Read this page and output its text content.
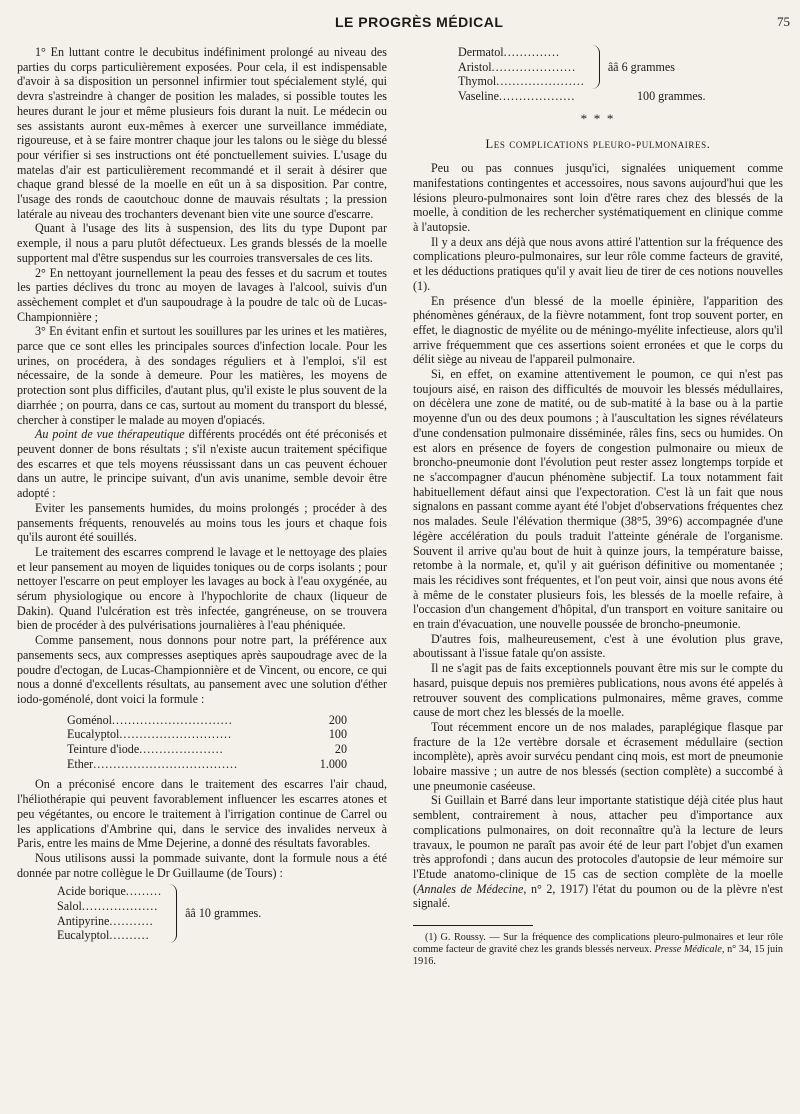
LE PROGRÈS MÉDICAL	75

1° En luttant contre le decubitus indéfiniment prolongé au niveau des parties du corps particulièrement exposées. Pour cela, il est indispensable d'avoir à sa disposition un personnel infirmier tout spécialement stylé, qui devra s'astreindre à changer de position les malades, si possible toutes les heures durant le jour et même plusieurs fois durant la nuit. Le médecin ou ses assistants auront eux-mêmes à exercer une surveillance immédiate, rigoureuse, et à se faire montrer chaque jour les talons ou le siège du blessé pour vérifier si ses instructions ont été ponctuellement suivies. L'usage du matelas d'air est particulièrement recommandé et il serait à désirer que chaque grand blessé de la moelle en eût un à sa disposition. Par contre, l'usage des ronds de caoutchouc donne de mauvais résultats ; la pression latérale au niveau des trochanters devenant bien vite une source d'escarre.

Quant à l'usage des lits à suspension, des lits du type Dupont par exemple, il nous a paru plutôt défectueux. Les grands blessés de la moelle supportent mal d'être suspendus sur les courroies transversales de ces lits.

2° En nettoyant journellement la peau des fesses et du sacrum et toutes les parties déclives du tronc au moyen de lavages à l'alcool, suivis d'un assèchement complet et d'un saupoudrage à la poudre de talc où de Lucas-Championnière ;

3° En évitant enfin et surtout les souillures par les urines et les matières, parce que ce sont elles les principales sources d'infection locale. Pour les urines, on procédera, à des sondages réguliers et à l'emploi, s'il est nécessaire, de la sonde à demeure. Pour les matières, les moyens de protection sont plus difficiles, d'autant plus, qu'il existe le plus souvent de la diarrhée ; on pourra, dans ce cas, surtout au moment du transport du blessé, chercher à constiper le malade au moyen d'opiacés.

Au point de vue thérapeutique différents procédés ont été préconisés et peuvent donner de bons résultats ; s'il n'existe aucun traitement spécifique des escarres et que tels moyens réussissant dans un cas peuvent échouer dans un autre, le principe suivant, d'un avis unanime, semble devoir être adopté :

Eviter les pansements humides, du moins prolongés ; procéder à des pansements fréquents, renouvelés au moins tous les jours et chaque fois qu'ils auront été souillés.

Le traitement des escarres comprend le lavage et le nettoyage des plaies et leur pansement au moyen de liquides toniques ou de corps isolants ; pour nettoyer l'escarre on peut employer les lavages au bock à l'eau oxygénée, au sérum physiologique ou encore à l'hypochlorite de chaux (liqueur de Dakin). Quand l'ulcération est très infectée, gangréneuse, on se trouvera bien de procéder à des pulvérisations journalières à l'eau phéniquée.

Comme pansement, nous donnons pour notre part, la préférence aux pansements secs, aux compresses aseptiques après saupoudrage avec de la poudre d'ectogan, de Lucas-Championnière et de Vincent, ou encore, ce qui nous a donné d'excellents résultats, au pansement avec une solution d'éther iodo-goménolé, dont voici la formule :

Goménol..............................	200
Eucalyptol............................	100
Teinture d'iode.....................	20
Ether....................................	1.000

On a préconisé encore dans le traitement des escarres l'air chaud, l'héliothérapie qui peuvent favorablement influencer les escarres atones et peu végétantes, ou encore le traitement à l'irrigation continue de Carrel ou les applications d'Ambrine qui, dans le service des invalides nerveux à Paris, entre les mains de Mme Dejerine, a donné des résultats favorables.

Nous utilisons aussi la pommade suivante, dont la formule nous a été donnée par notre collègue le Dr Guillaume (de Tours) :

Acide borique.........
Salol...................
Antipyrine...........
Eucalyptol..........
ââ 10 grammes.
Dermatol..............
Aristol.....................
Thymol......................
ââ 6 grammes
Vaseline...................	100 grammes.
* * *
Les complications pleuro-pulmonaires.

Peu ou pas connues jusqu'ici, signalées uniquement comme manifestations contingentes et accessoires, nous savons aujourd'hui que les lésions pleuro-pulmonaires sont loin d'être rares chez des blessés de la moelle, à condition de les rechercher systématiquement en clinique comme à l'autopsie.

Il y a deux ans déjà que nous avons attiré l'attention sur la fréquence des complications pleuro-pulmonaires, sur leur rôle comme facteurs de gravité, et les déductions pratiques qu'il y avait lieu de tirer de ces notions nouvelles (1).

En présence d'un blessé de la moelle épinière, l'apparition des phénomènes généraux, de la fièvre notamment, font trop souvent porter, en effet, le diagnostic de myélite ou de méningo-myélite infectieuse, alors qu'il arrive fréquemment que ces assertions soient erronées et que le corps du délit siège au niveau de l'appareil pulmonaire.

Si, en effet, on examine attentivement le poumon, ce qui n'est pas toujours aisé, en raison des difficultés de mouvoir les blessés médullaires, on décèlera une zone de matité, ou de sub-matité à la base ou à la partie moyenne d'un ou des deux poumons ; à l'auscultation les signes révélateurs d'une condensation pulmonaire disséminée, râles fins, secs ou humides. On est alors en présence de foyers de congestion pulmonaire ou mieux de broncho-pneumonie dont l'évolution peut rester assez longtemps torpide et ne s'accompagner d'aucun phénomène subjectif. La toux notamment fait habituellement défaut ainsi que l'expectoration. C'est là un fait que nous signalons en passant comme ayant été l'objet d'observations fréquentes chez nos malades. Seule l'élévation thermique (38°5, 39°6) accompagnée d'une légère accélération du pouls traduit l'atteinte générale de l'organisme. Souvent il arrive qu'au bout de huit à quinze jours, la température baisse, retombe à la normale, et, qu'il y ait guérison définitive ou momentanée ; mais les récidives sont fréquentes, et l'on peut voir, ainsi que nous avons été à même de le constater plusieurs fois, les blessés de la moelle refaire, à l'occasion d'un changement d'hôpital, d'un transport en voiture sanitaire ou en train d'évacuation, une nouvelle poussée de broncho-pneumonie.

D'autres fois, malheureusement, c'est à une évolution plus grave, aboutissant à l'issue fatale qu'on assiste.

Il ne s'agit pas de faits exceptionnels pouvant être mis sur le compte du hasard, puisque depuis nos premières publications, nous avons été appelés à retrouver souvent des complications pulmonaires, même graves, comme cause de mort chez les blessés de la moelle.

Tout récemment encore un de nos malades, paraplégique flasque par fracture de la 12e vertèbre dorsale et écrasement médullaire (section incomplète), après avoir survécu pendant cinq mois, est mort de pneumonie lobaire massive ; un autre de nos blessés (section complète) a succombé à une pneumonie caséeuse.

Si Guillain et Barré dans leur importante statistique déjà citée plus haut semblent, contrairement à nous, attacher peu d'importance aux complications pulmonaires, on doit reconnaître qu'à la lecture de leurs travaux, le poumon ne paraît pas avoir été de leur part l'objet d'un examen très approfondi ; dans aucun des protocoles d'autopsie de leur mémoire sur l'Etude anatomo-clinique de 15 cas de section complète de la moelle (Annales de Médecine, n° 2, 1917) l'état du poumon ou de la plèvre n'est signalé.

(1) G. Roussy. — Sur la fréquence des complications pleuro-pulmonaires et leur rôle comme facteur de gravité chez les grands blessés nerveux. Presse Médicale, n° 34, 15 juin 1916.
